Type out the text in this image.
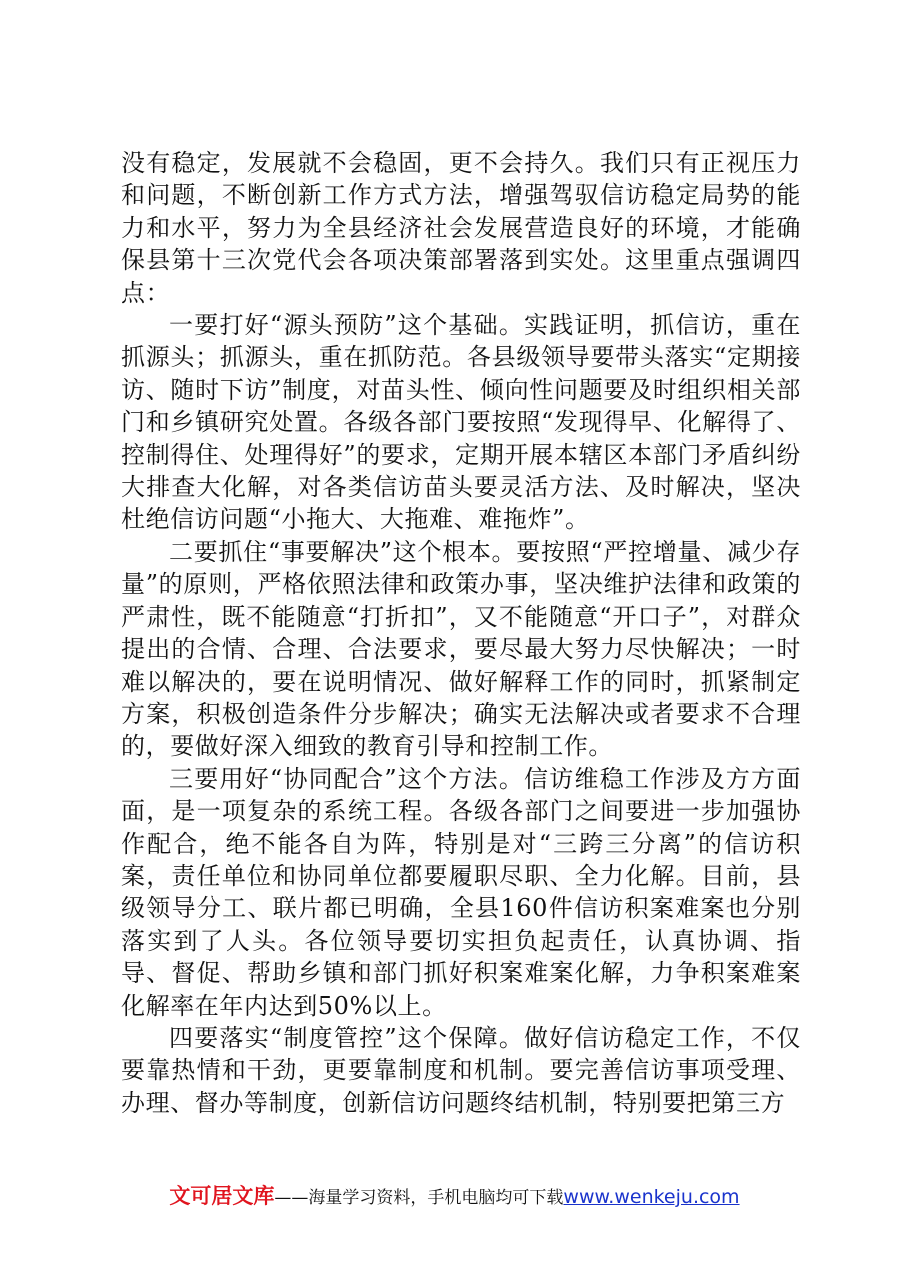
没有稳定，发展就不会稳固，更不会持久。我们只有正视压力和问题，不断创新工作方式方法，增强驾驭信访稳定局势的能力和水平，努力为全县经济社会发展营造良好的环境，才能确保县第十三次党代会各项决策部署落到实处。这里重点强调四点：

一要打好“源头预防”这个基础。实践证明，抓信访，重在抓源头；抓源头，重在抓防范。各县级领导要带头落实“定期接访、随时下访”制度，对苗头性、倾向性问题要及时组织相关部门和乡镇研究处置。各级各部门要按照“发现得早、化解得了、控制得住、处理得好”的要求，定期开展本辖区本部门矛盾纠纷大排查大化解，对各类信访苗头要灵活方法、及时解决，坚决杜绝信访问题“小拖大、大拖难、难拖炸”。

二要抓住“事要解决”这个根本。要按照“严控增量、减少存量”的原则，严格依照法律和政策办事，坚决维护法律和政策的严肃性，既不能随意“打折扣”，又不能随意“开口子”，对群众提出的合情、合理、合法要求，要尽最大努力尽快解决；一时难以解决的，要在说明情况、做好解释工作的同时，抓紧制定方案，积极创造条件分步解决；确实无法解决或者要求不合理的，要做好深入细致的教育引导和控制工作。

三要用好“协同配合”这个方法。信访维稳工作涉及方方面面，是一项复杂的系统工程。各级各部门之间要进一步加强协作配合，绝不能各自为阵，特别是对“三跨三分离”的信访积案，责任单位和协同单位都要履职尽职、全力化解。目前，县级领导分工、联片都已明确，全县160件信访积案难案也分别落实到了人头。各位领导要切实担负起责任，认真协调、指导、督促、帮助乡镇和部门抓好积案难案化解，力争积案难案化解率在年内达到50%以上。

四要落实“制度管控”这个保障。做好信访稳定工作，不仅要靠热情和干劲，更要靠制度和机制。要完善信访事项受理、办理、督办等制度，创新信访问题终结机制，特别要把第三方

文可居文库——海量学习资料，手机电脑均可下载www.wenkeju.com
